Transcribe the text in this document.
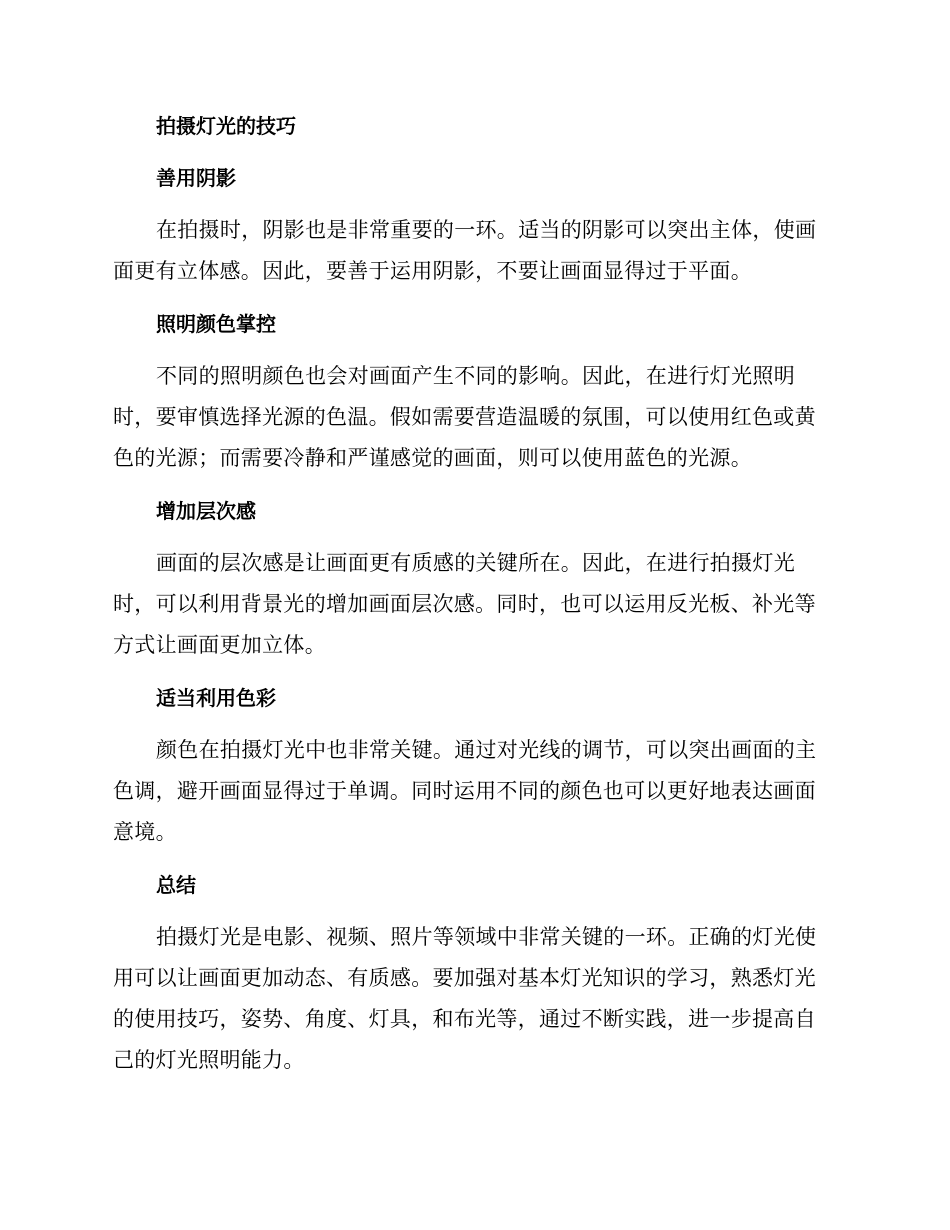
拍摄灯光的技巧
善用阴影
在拍摄时，阴影也是非常重要的一环。适当的阴影可以突出主体，使画
面更有立体感。因此，要善于运用阴影，不要让画面显得过于平面。
照明颜色掌控
不同的照明颜色也会对画面产生不同的影响。因此，在进行灯光照明
时，要审慎选择光源的色温。假如需要营造温暖的氛围，可以使用红色或黄
色的光源；而需要冷静和严谨感觉的画面，则可以使用蓝色的光源。
增加层次感
画面的层次感是让画面更有质感的关键所在。因此，在进行拍摄灯光
时，可以利用背景光的增加画面层次感。同时，也可以运用反光板、补光等
方式让画面更加立体。
适当利用色彩
颜色在拍摄灯光中也非常关键。通过对光线的调节，可以突出画面的主
色调，避开画面显得过于单调。同时运用不同的颜色也可以更好地表达画面
意境。
总结
拍摄灯光是电影、视频、照片等领域中非常关键的一环。正确的灯光使
用可以让画面更加动态、有质感。要加强对基本灯光知识的学习，熟悉灯光
的使用技巧，姿势、角度、灯具，和布光等，通过不断实践，进一步提高自
己的灯光照明能力。
